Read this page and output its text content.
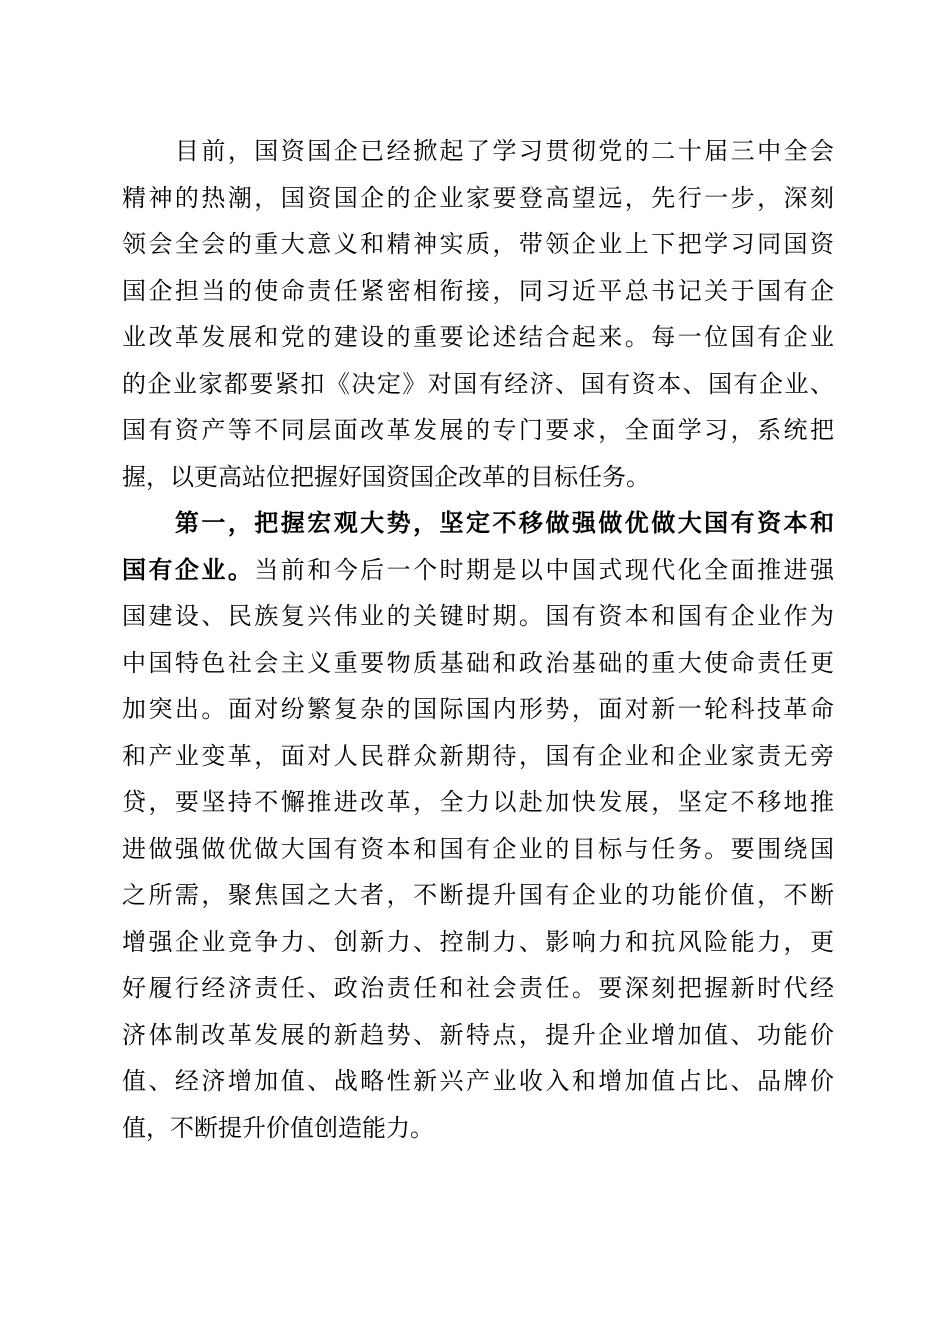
　　目前，国资国企已经掀起了学习贯彻党的二十届三中全会
精神的热潮，国资国企的企业家要登高望远，先行一步，深刻
领会全会的重大意义和精神实质，带领企业上下把学习同国资
国企担当的使命责任紧密相衔接，同习近平总书记关于国有企
业改革发展和党的建设的重要论述结合起来。每一位国有企业
的企业家都要紧扣《决定》对国有经济、国有资本、国有企业、
国有资产等不同层面改革发展的专门要求，全面学习，系统把
握，以更高站位把握好国资国企改革的目标任务。
　　第一，把握宏观大势，坚定不移做强做优做大国有资本和
国有企业。当前和今后一个时期是以中国式现代化全面推进强
国建设、民族复兴伟业的关键时期。国有资本和国有企业作为
中国特色社会主义重要物质基础和政治基础的重大使命责任更
加突出。面对纷繁复杂的国际国内形势，面对新一轮科技革命
和产业变革，面对人民群众新期待，国有企业和企业家责无旁
贷，要坚持不懈推进改革，全力以赴加快发展，坚定不移地推
进做强做优做大国有资本和国有企业的目标与任务。要围绕国
之所需，聚焦国之大者，不断提升国有企业的功能价值，不断
增强企业竞争力、创新力、控制力、影响力和抗风险能力，更
好履行经济责任、政治责任和社会责任。要深刻把握新时代经
济体制改革发展的新趋势、新特点，提升企业增加值、功能价
值、经济增加值、战略性新兴产业收入和增加值占比、品牌价
值，不断提升价值创造能力。
